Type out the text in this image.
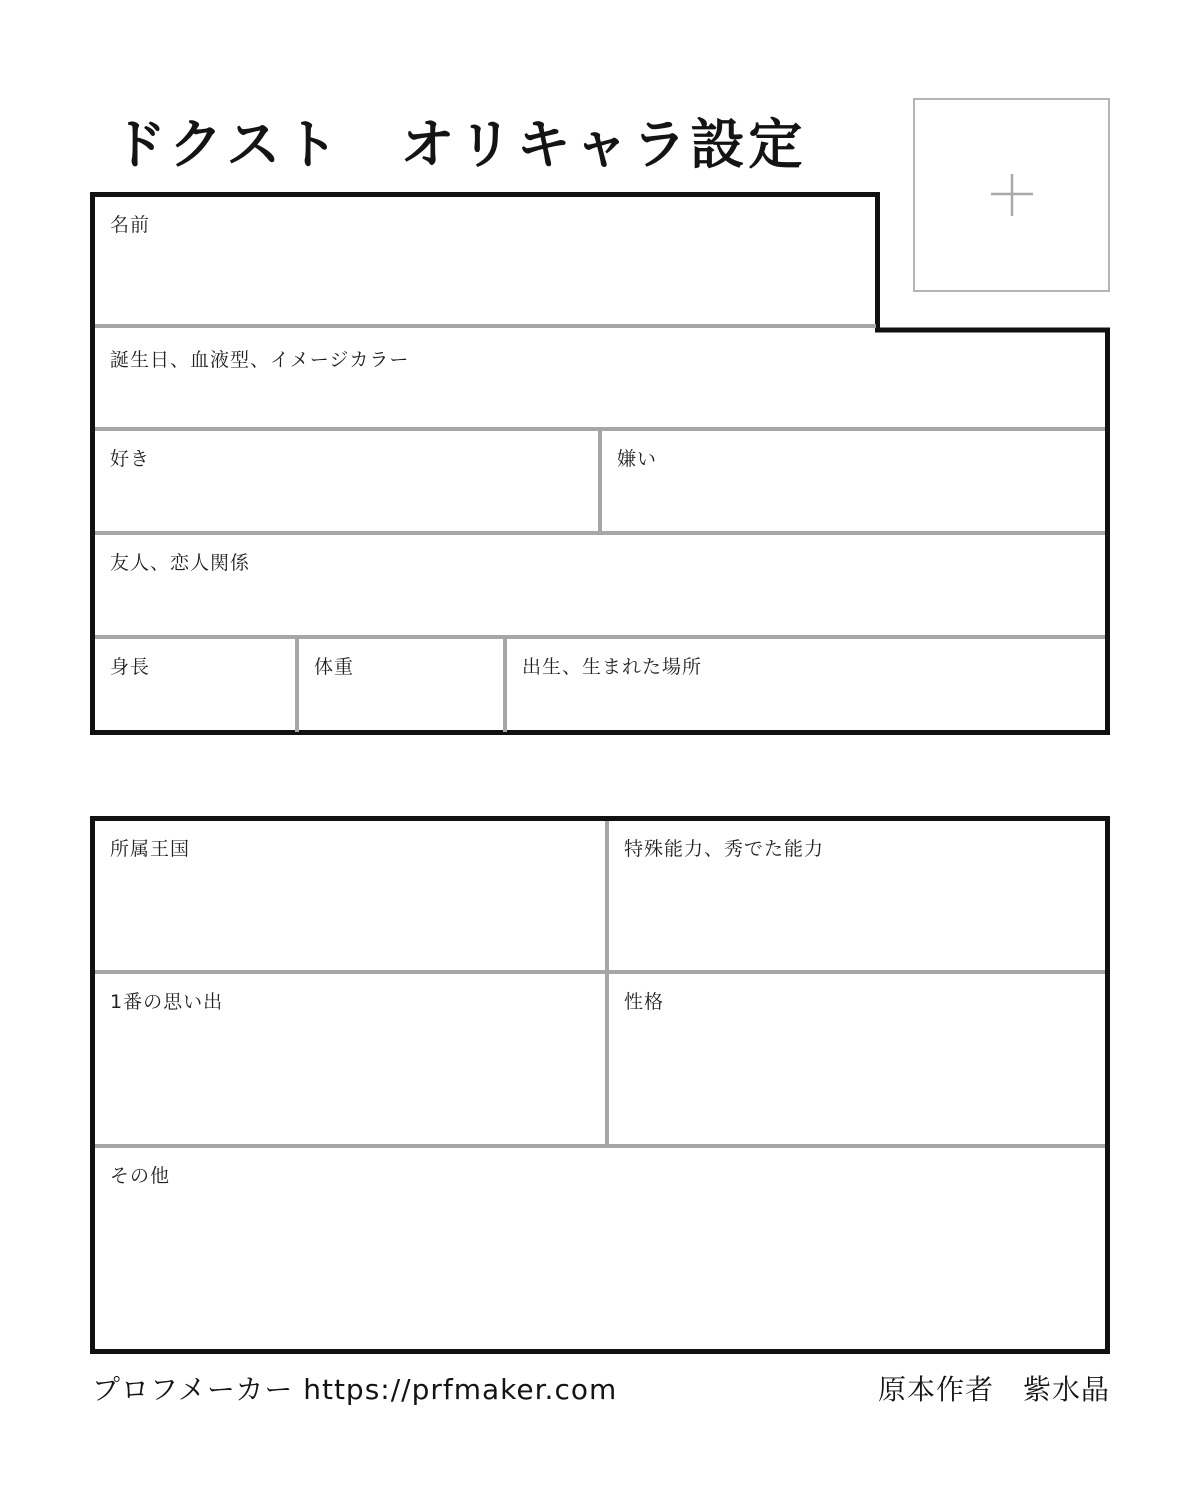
ドクスト　オリキャラ設定
名前
誕生日、血液型、イメージカラー
好き	嫌い
友人、恋人関係
身長	体重	出生、生まれた場所
所属王国	特殊能力、秀でた能力
1番の思い出	性格
その他
プロフメーカー https://prfmaker.com	原本作者　紫水晶
